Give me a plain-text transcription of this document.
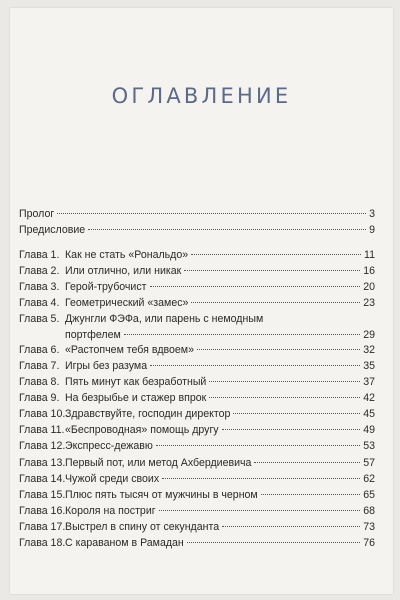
ОГЛАВЛЕНИЕ
Пролог	3
Предисловие	9
Глава 1. Как не стать «Рональдо»	11
Глава 2. Или отлично, или никак	16
Глава 3. Герой-трубочист	20
Глава 4. Геометрический «замес»	23
Глава 5. Джунгли ФЭФа, или парень с немодным
портфелем	29
Глава 6. «Растопчем тебя вдвоем»	32
Глава 7. Игры без разума	35
Глава 8. Пять минут как безработный	37
Глава 9. На безрыбье и стажер впрок	42
Глава 10. Здравствуйте, господин директор	45
Глава 11. «Беспроводная» помощь другу	49
Глава 12. Экспресс-дежавю	53
Глава 13. Первый пот, или метод Ахбердиевича	57
Глава 14. Чужой среди своих	62
Глава 15. Плюс пять тысяч от мужчины в черном	65
Глава 16. Короля на постриг	68
Глава 17. Выстрел в спину от секунданта	73
Глава 18. С караваном в Рамадан	76
